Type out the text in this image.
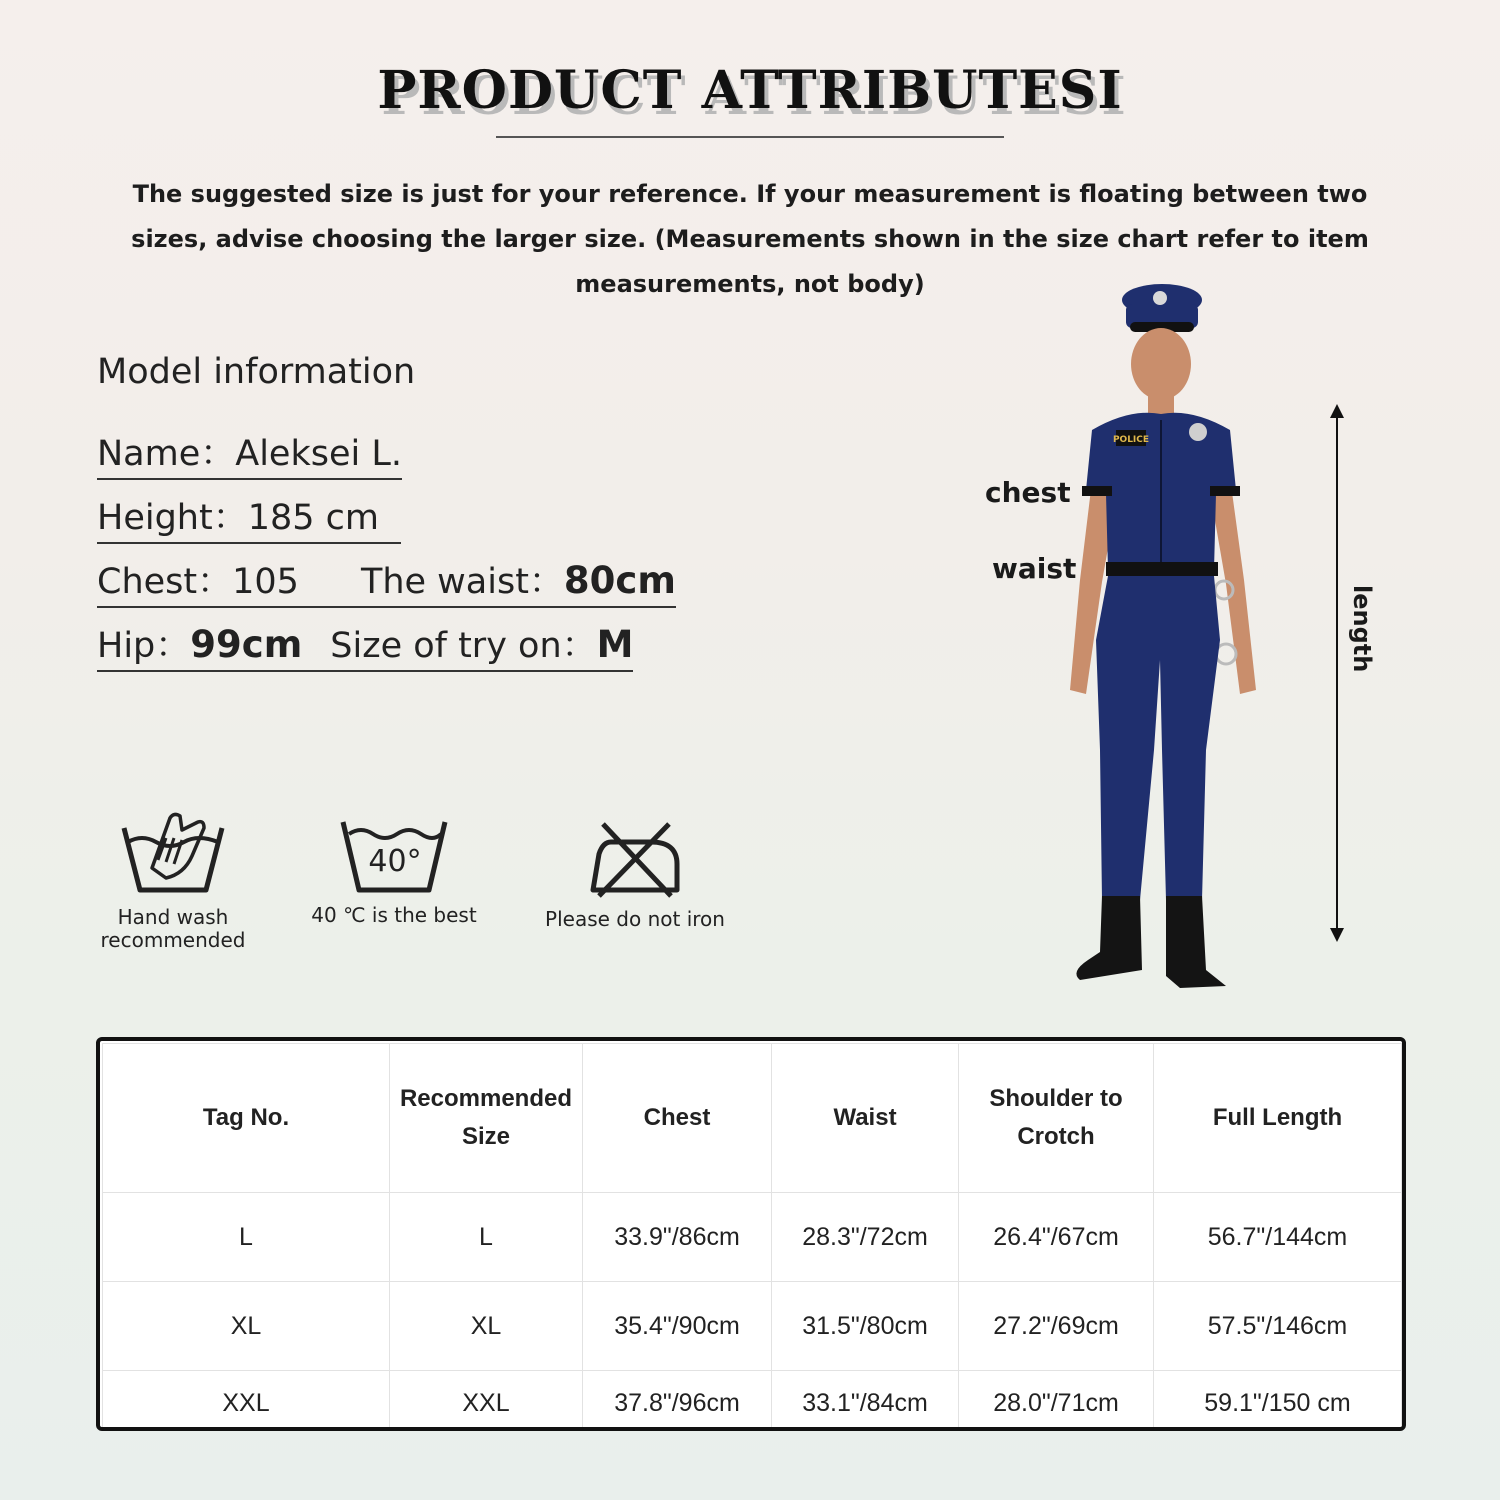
PRODUCT ATTRIBUTESI
The suggested size is just for your reference. If your measurement is floating between two sizes, advise choosing the larger size. (Measurements shown in the size chart refer to item measurements, not body)
Model information
Name：Aleksei L.
Height：185 cm
Chest：105 The waist：80cm
Hip：99cm Size of try on：M
Hand wash
recommended
40°
40 ℃ is the best	Please do not iron
POLICE
chest
waist
length
Tag No.	Recommended Size	Chest	Waist	Shoulder to Crotch	Full Length
L	L	33.9"/86cm	28.3"/72cm	26.4"/67cm	56.7"/144cm
XL	XL	35.4"/90cm	31.5"/80cm	27.2"/69cm	57.5"/146cm
XXL	XXL	37.8"/96cm	33.1"/84cm	28.0"/71cm	59.1"/150 cm
